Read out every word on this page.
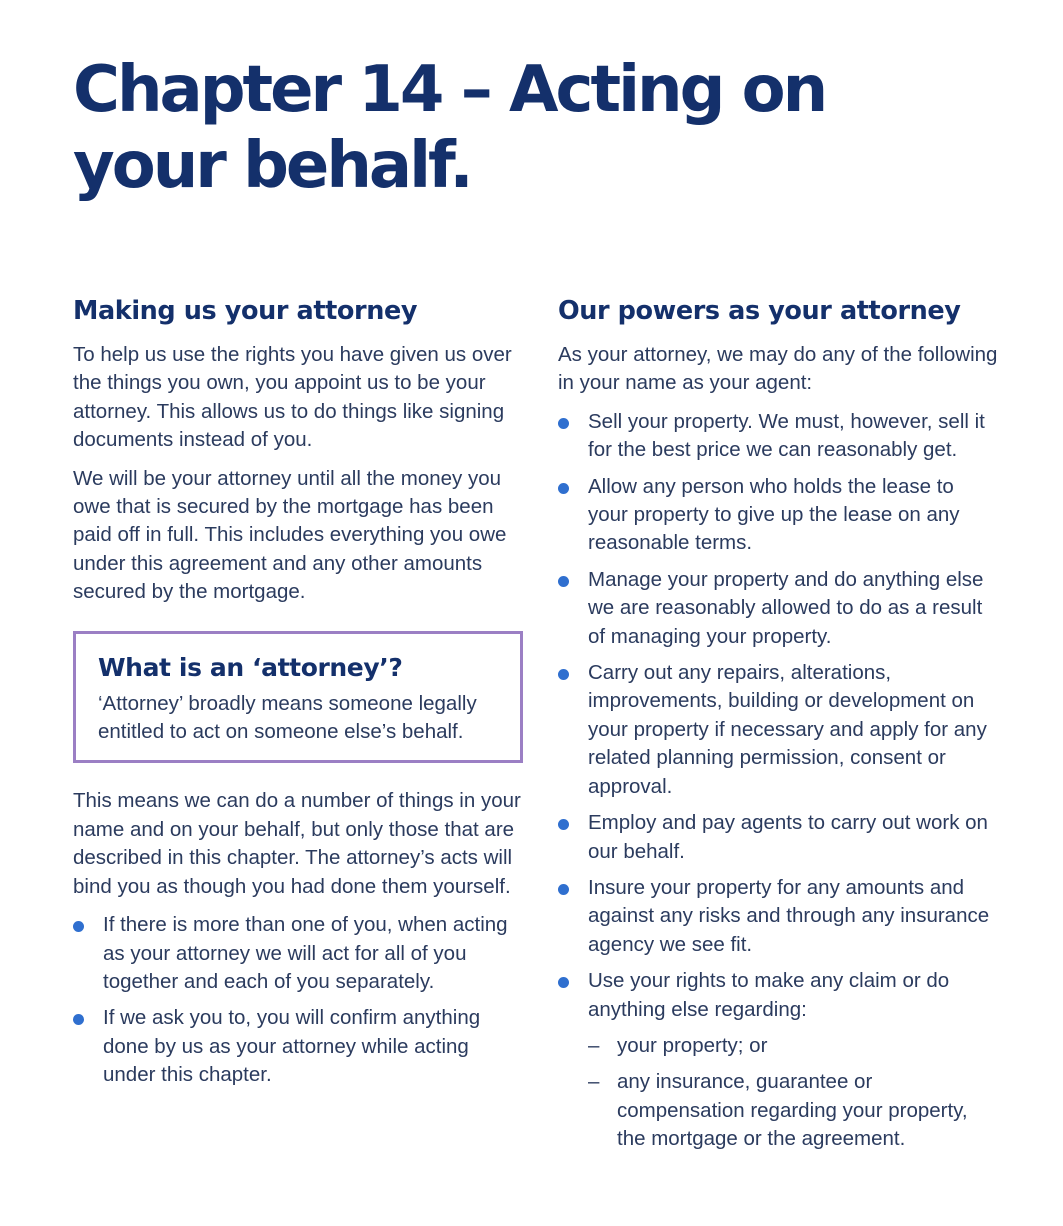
Chapter 14 – Acting on
your behalf.
Making us your attorney

To help us use the rights you have given us over the things you own, you appoint us to be your attorney. This allows us to do things like signing documents instead of you.

We will be your attorney until all the money you owe that is secured by the mortgage has been paid off in full. This includes everything you owe under this agreement and any other amounts secured by the mortgage.

What is an ‘attorney’?

‘Attorney’ broadly means someone legally entitled to act on someone else’s behalf.

This means we can do a number of things in your name and on your behalf, but only those that are described in this chapter. The attorney’s acts will bind you as though you had done them yourself.

If there is more than one of you, when acting as your attorney we will act for all of you together and each of you separately.
If we ask you to, you will confirm anything done by us as your attorney while acting under this chapter.
Our powers as your attorney

As your attorney, we may do any of the following in your name as your agent:

Sell your property. We must, however, sell it for the best price we can reasonably get.
Allow any person who holds the lease to your property to give up the lease on any reasonable terms.
Manage your property and do anything else we are reasonably allowed to do as a result of managing your property.
Carry out any repairs, alterations, improvements, building or development on your property if necessary and apply for any related planning permission, consent or approval.
Employ and pay agents to carry out work on our behalf.
Insure your property for any amounts and against any risks and through any insurance agency we see fit.
Use your rights to make any claim or do anything else regarding:
– your property; or
– any insurance, guarantee or compensation regarding your property, the mortgage or the agreement.
